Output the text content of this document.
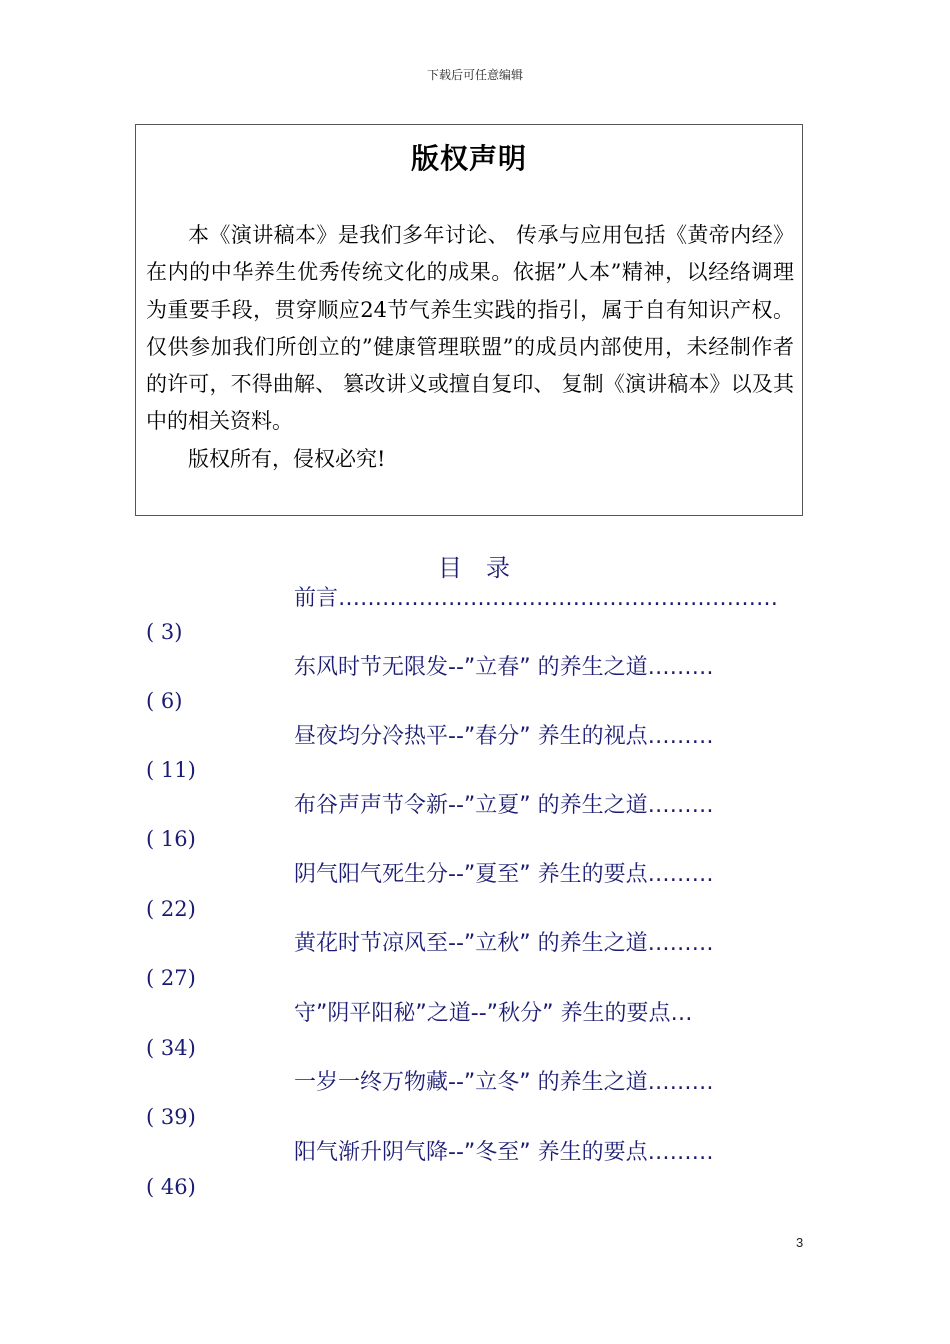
下载后可任意编辑
版权声明

本《演讲稿本》是我们多年讨论、 传承与应用包括《黄帝内经》在内的中华养生优秀传统文化的成果。依据”人本”精神，以经络调理为重要手段，贯穿顺应24节气养生实践的指引，属于自有知识产权。仅供参加我们所创立的”健康管理联盟”的成员内部使用，未经制作者的许可，不得曲解、 篡改讲义或擅自复印、 复制《演讲稿本》以及其中的相关资料。

版权所有，侵权必究!

目 录
前言……………………………………………………
( 3)
东风时节无限发--”立春” 的养生之道………
( 6)
昼夜均分冷热平--”春分” 养生的视点………
( 11)
布谷声声节令新--”立夏” 的养生之道………
( 16)
阴气阳气死生分--”夏至” 养生的要点………
( 22)
黄花时节凉风至--”立秋” 的养生之道………
( 27)
守”阴平阳秘”之道--”秋分” 养生的要点…
( 34)
一岁一终万物藏--”立冬” 的养生之道………
( 39)
阳气渐升阴气降--”冬至” 养生的要点………
( 46)
3
